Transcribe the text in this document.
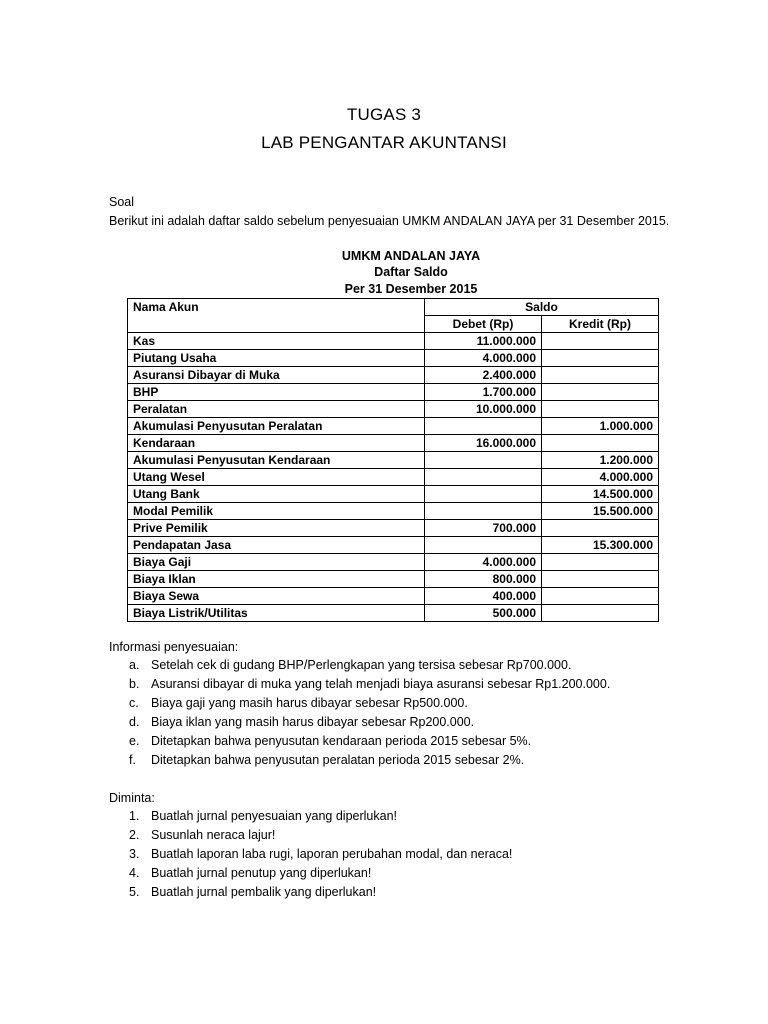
TUGAS 3
LAB PENGANTAR AKUNTANSI
Soal
Berikut ini adalah daftar saldo sebelum penyesuaian UMKM ANDALAN JAYA per 31 Desember 2015.
UMKM ANDALAN JAYA
Daftar Saldo
Per 31 Desember 2015
Nama Akun	Saldo	
	Debet (Rp)	Kredit (Rp)
Kas	11.000.000	
Piutang Usaha	4.000.000	
Asuransi Dibayar di Muka	2.400.000	
BHP	1.700.000	
Peralatan	10.000.000	
Akumulasi Penyusutan Peralatan		1.000.000
Kendaraan	16.000.000	
Akumulasi Penyusutan Kendaraan		1.200.000
Utang Wesel		4.000.000
Utang Bank		14.500.000
Modal Pemilik		15.500.000
Prive Pemilik	700.000	
Pendapatan Jasa		15.300.000
Biaya Gaji	4.000.000	
Biaya Iklan	800.000	
Biaya Sewa	400.000	
Biaya Listrik/Utilitas	500.000	
Informasi penyesuaian:
a. Setelah cek di gudang BHP/Perlengkapan yang tersisa sebesar Rp700.000.
b. Asuransi dibayar di muka yang telah menjadi biaya asuransi sebesar Rp1.200.000.
c. Biaya gaji yang masih harus dibayar sebesar Rp500.000.
d. Biaya iklan yang masih harus dibayar sebesar Rp200.000.
e. Ditetapkan bahwa penyusutan kendaraan perioda 2015 sebesar 5%.
f. Ditetapkan bahwa penyusutan peralatan perioda 2015 sebesar 2%.
Diminta:
1. Buatlah jurnal penyesuaian yang diperlukan!
2. Susunlah neraca lajur!
3. Buatlah laporan laba rugi, laporan perubahan modal, dan neraca!
4. Buatlah jurnal penutup yang diperlukan!
5. Buatlah jurnal pembalik yang diperlukan!
